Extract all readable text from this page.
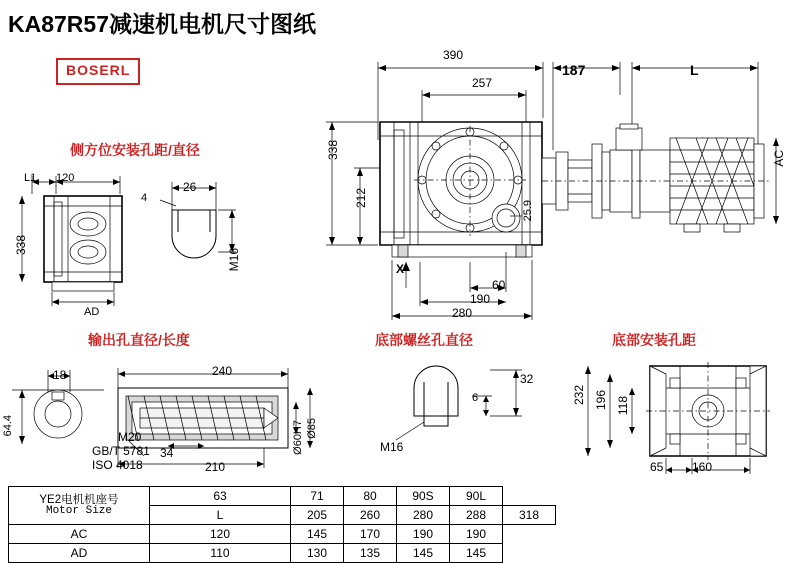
KA87R57减速机电机尺寸图纸
BOSERL
侧方位安装孔距/直径
输出孔直径/长度	底部螺丝孔直径	底部安装孔距
390
257
187	L
338
212
25.9
AC
60
190
280
X
L1 120
26
4
338
AD
M16
18
64.4
240
34
210
Ø60H7 Ø85
M20
GB/T 5781
ISO 4018
32
6
M16
232 196 118
65 160
YE2电机机座号
Motor Size	63	71	80	90S	90L	
	L	205	260	280	288	318
AC	120	145	170	190	190	
AD	110	130	135	145	145	
